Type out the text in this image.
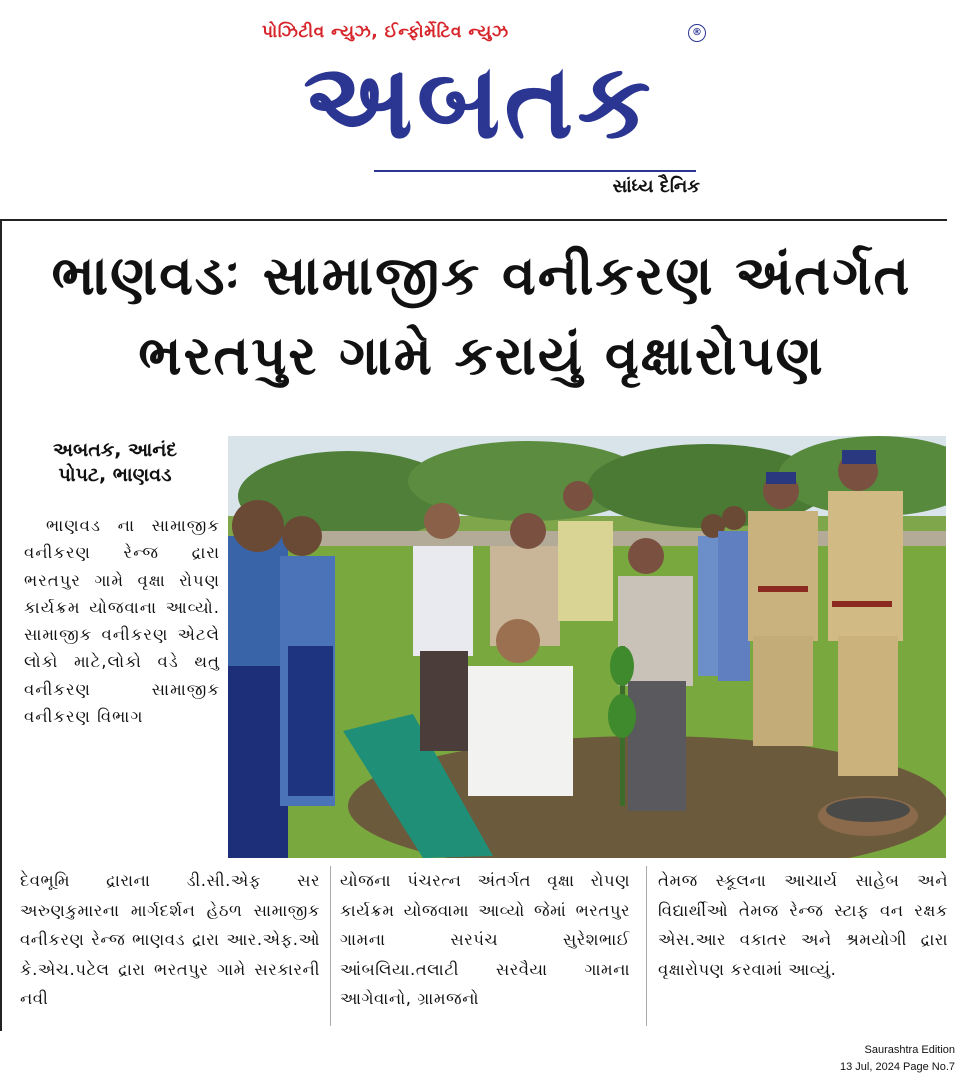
પોઝિટીવ ન્યુઝ, ઈન્ફોર્મેટિવ ન્યુઝ	®
અબતક
સાંધ્ય દૈનિક
ભાણવડઃ સામાજીક વનીકરણ અંતર્ગત
ભરતપુર ગામે કરાયું વૃક્ષારોપણ
અબતક, આનંદ
પોપટ, ભાણવડ
ભાણવડ ના સામાજીક વનીકરણ રેન્જ દ્રારા ભરતપુર ગામે વૃક્ષા રોપણ કાર્યક્રમ યોજવાના આવ્યો. સામાજીક વનીકરણ એટલે લોકો માટે,લોકો વડે થતુ વનીકરણ સામાજીક વનીકરણ વિભાગ
દેવભૂમિ દ્રારાના ડી.સી.એફ સર અરુણકુમારના માર્ગદર્શન હેઠળ સામાજીક વનીકરણ રેન્જ ભાણવડ દ્રારા આર.એફ.ઓ કે.એચ.પટેલ દ્રારા ભરતપુર ગામે સરકારની નવી
યોજના પંચરત્ન અંતર્ગત વૃક્ષા રોપણ કાર્યક્રમ યોજવામા આવ્યો જેમાં ભરતપુર ગામના સરપંચ સુરેશભાઈ આંબલિયા.તલાટી સરવૈયા ગામના આગેવાનો, ગ્રામજનો
તેમજ સ્કૂલના આચાર્ય સાહેબ અને વિદ્યાર્થીઓ તેમજ રેન્જ સ્ટાફ વન રક્ષક એસ.આર વકાતર અને શ્રમયોગી દ્રારા વૃક્ષારોપણ કરવામાં આવ્યું.
Saurashtra Edition
13 Jul, 2024 Page No.7
